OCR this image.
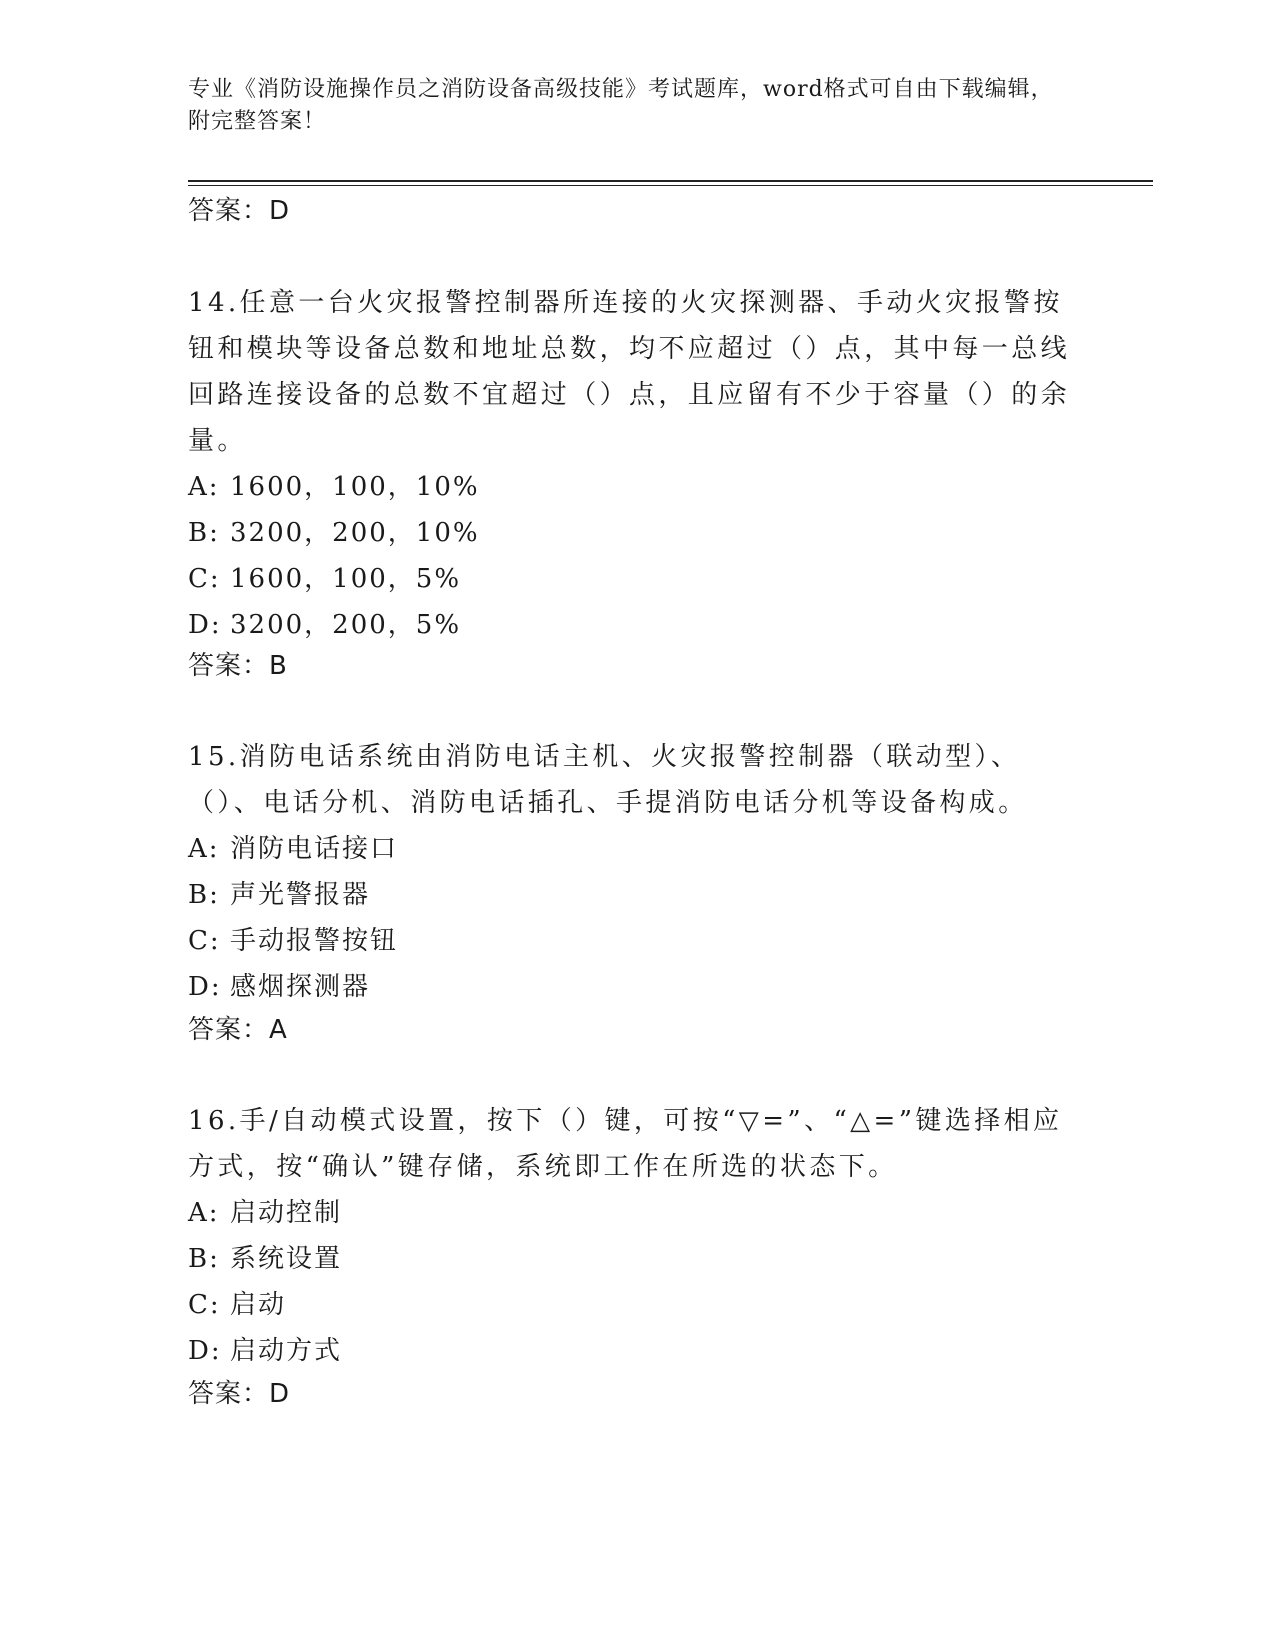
专业《消防设施操作员之消防设备高级技能》考试题库，word格式可自由下载编辑，附完整答案！
答案：D

14.任意一台火灾报警控制器所连接的火灾探测器、手动火灾报警按钮和模块等设备总数和地址总数，均不应超过（）点，其中每一总线回路连接设备的总数不宜超过（）点，且应留有不少于容量（）的余量。

A: 1600，100，10%
B: 3200，200，10%
C: 1600，100，5%
D: 3200，200，5%
答案：B

15.消防电话系统由消防电话主机、火灾报警控制器（联动型）、（）、电话分机、消防电话插孔、手提消防电话分机等设备构成。

A: 消防电话接口
B: 声光警报器
C: 手动报警按钮
D: 感烟探测器
答案：A

16.手/自动模式设置，按下（）键，可按“▽=”、“△=”键选择相应方式，按“确认”键存储，系统即工作在所选的状态下。

A: 启动控制
B: 系统设置
C: 启动
D: 启动方式
答案：D
